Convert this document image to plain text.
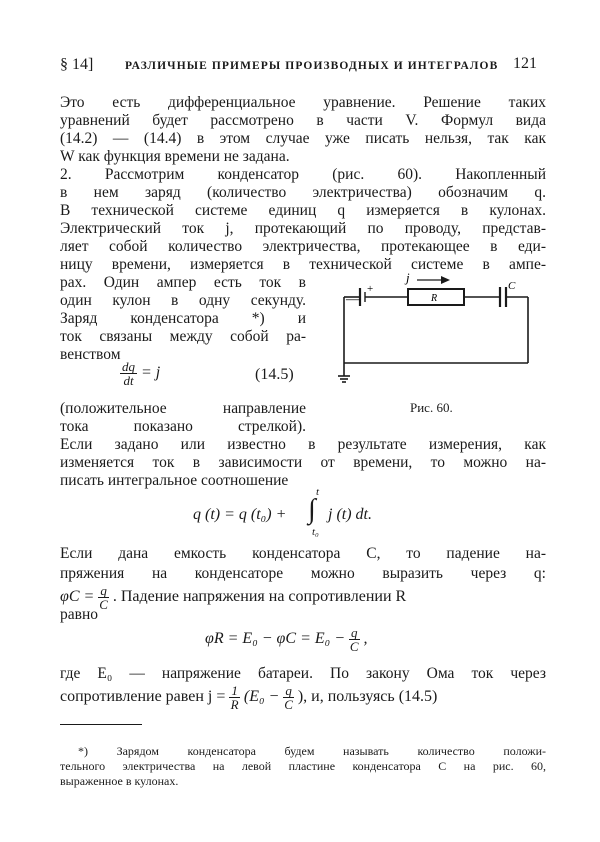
§ 14]	РАЗЛИЧНЫЕ ПРИМЕРЫ ПРОИЗВОДНЫХ И ИНТЕГРАЛОВ 121
Это есть дифференциальное уравнение. Решение таких
уравнений будет рассмотрено в части V. Формул вида
(14.2) — (14.4) в этом случае уже писать нельзя, так как
W как функция времени не задана.
2. Рассмотрим конденсатор (рис. 60). Накопленный
в нем заряд (количество электричества) обозначим q.
В технической системе единиц q измеряется в кулонах.
Электрический ток j, протекающий по проводу, представ-
ляет собой количество электричества, протекающее в еди-
ницу времени, измеряется в технической системе в ампе-
рах. Один ампер есть ток в
один кулон в одну секунду.
Заряд конденсатора *) и
ток связаны между собой ра-
венством
$\frac{dq}{dt} = j$	(14.5)
(положительное направление
тока показано стрелкой).
—
+
j
R
C
Рис. 60.
Если задано или известно в результате измерения, как
изменяется ток в зависимости от времени, то можно на-
писать интегральное соотношение
q (t) = q (t₀) + ∫
t
t₀
j (t) dt.
Если дана емкость конденсатора C, то падение на-
пряжения на конденсаторе можно выразить через q:
$\varphi C = \frac{q}{C}$ . Падение напряжения на сопротивлении R
равно
$\varphi R = E_0 - \varphi C = E_0 - \frac{q}{C}$ ,
где E₀ — напряжение батареи. По закону Ома ток через
сопротивление равен $j = \frac{1}{R} (E_0 - \frac{q}{C}$ ), и, пользуясь (14.5)
*) Зарядом конденсатора будем называть количество положи-
тельного электричества на левой пластине конденсатора C на рис. 60,
выраженное в кулонах.
